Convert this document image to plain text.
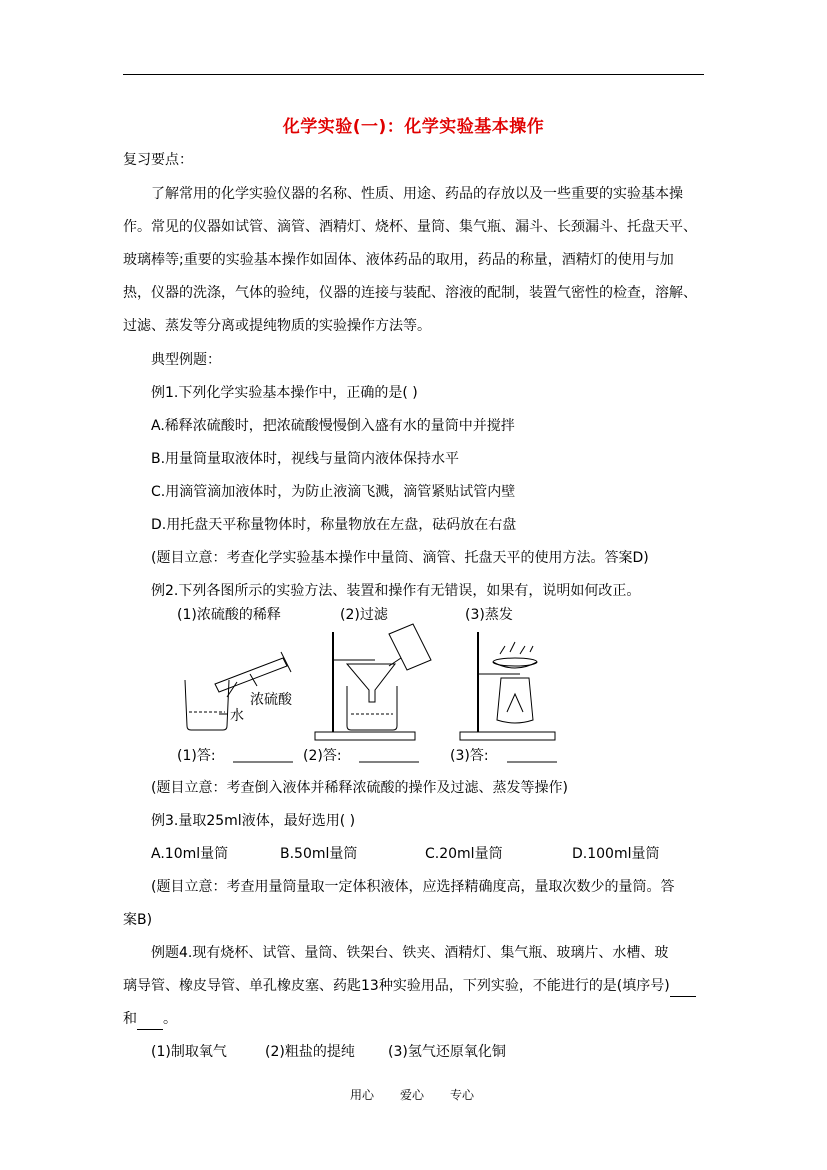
化学实验(一)：化学实验基本操作
复习要点：
了解常用的化学实验仪器的名称、性质、用途、药品的存放以及一些重要的实验基本操
作。常见的仪器如试管、滴管、酒精灯、烧杯、量筒、集气瓶、漏斗、长颈漏斗、托盘天平、
玻璃棒等;重要的实验基本操作如固体、液体药品的取用，药品的称量，酒精灯的使用与加
热，仪器的洗涤，气体的验纯，仪器的连接与装配、溶液的配制，装置气密性的检查，溶解、
过滤、蒸发等分离或提纯物质的实验操作方法等。
典型例题：
例1.下列化学实验基本操作中，正确的是( )
A.稀释浓硫酸时，把浓硫酸慢慢倒入盛有水的量筒中并搅拌
B.用量筒量取液体时，视线与量筒内液体保持水平
C.用滴管滴加液体时，为防止液滴飞溅，滴管紧贴试管内壁
D.用托盘天平称量物体时，称量物放在左盘，砝码放在右盘
(题目立意：考查化学实验基本操作中量筒、滴管、托盘天平的使用方法。答案D)
例2.下列各图所示的实验方法、装置和操作有无错误，如果有，说明如何改正。
(1)浓硫酸的稀释	(2)过滤	(3)蒸发
浓硫酸
水
(1)答:	(2)答:	(3)答:
(题目立意：考查倒入液体并稀释浓硫酸的操作及过滤、蒸发等操作)
例3.量取25ml液体，最好选用( )
A.10ml量筒	B.50ml量筒	C.20ml量筒	D.100ml量筒
(题目立意：考查用量筒量取一定体积液体，应选择精确度高，量取次数少的量筒。答
案B)
例题4.现有烧杯、试管、量筒、铁架台、铁夹、酒精灯、集气瓶、玻璃片、水槽、玻
璃导管、橡皮导管、单孔橡皮塞、药匙13种实验用品，下列实验，不能进行的是(填序号)
和 。
(1)制取氧气	(2)粗盐的提纯 (3)氢气还原氧化铜
用心 爱心 专心
